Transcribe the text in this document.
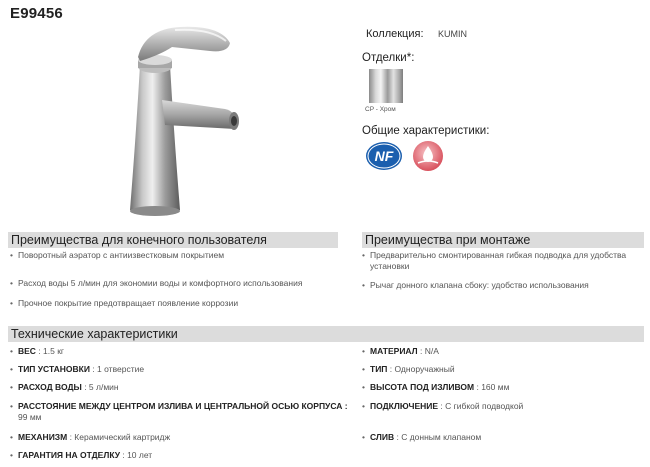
E99456
Коллекция:	KUMIN
Отделки*:
CP - Хром
Общие характеристики:
NF
Преимущества для конечного пользователя	Преимущества при монтаже
• Поворотный аэратор с антиизвестковым покрытием
• Расход воды 5 л/мин для экономии воды и комфортного использования
• Прочное покрытие предотвращает появление коррозии
• Предварительно смонтированная гибкая подводка для удобства установки
• Рычаг донного клапана сбоку: удобство использования
Технические характеристики
• ВЕС : 1.5 кг
• ТИП УСТАНОВКИ : 1 отверстие
• РАСХОД ВОДЫ : 5 л/мин
• РАССТОЯНИЕ МЕЖДУ ЦЕНТРОМ ИЗЛИВА И ЦЕНТРАЛЬНОЙ ОСЬЮ КОРПУСА :
99 мм
• МЕХАНИЗМ : Керамический картридж
• ГАРАНТИЯ НА ОТДЕЛКУ : 10 лет
• МАТЕРИАЛ : N/A
• ТИП : Одноручажный
• ВЫСОТА ПОД ИЗЛИВОМ : 160 мм
• ПОДКЛЮЧЕНИЕ : С гибкой подводкой
• СЛИВ : С донным клапаном
